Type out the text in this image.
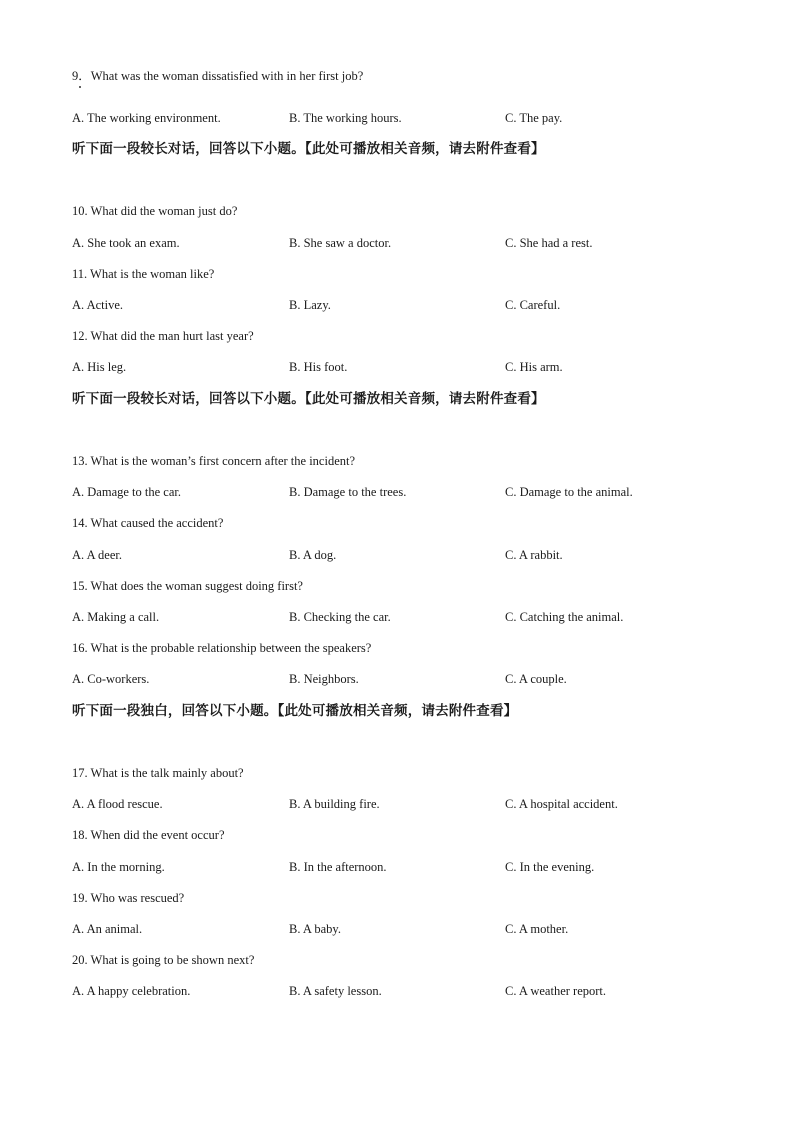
9．What was the woman dissatisfied with in her first job?
A. The working environment.	B. The working hours.	C. The pay.
听下面一段较长对话，回答以下小题。【此处可播放相关音频，请去附件查看】
10. What did the woman just do?
A. She took an exam.	B. She saw a doctor.	C. She had a rest.
11. What is the woman like?
A. Active.	B. Lazy.	C. Careful.
12. What did the man hurt last year?
A. His leg.	B. His foot.	C. His arm.
听下面一段较长对话，回答以下小题。【此处可播放相关音频，请去附件查看】
13. What is the woman’s first concern after the incident?
A. Damage to the car.	B. Damage to the trees.	C. Damage to the animal.
14. What caused the accident?
A. A deer.	B. A dog.	C. A rabbit.
15. What does the woman suggest doing first?
A. Making a call.	B. Checking the car.	C. Catching the animal.
16. What is the probable relationship between the speakers?
A. Co-workers.	B. Neighbors.	C. A couple.
听下面一段独白，回答以下小题。【此处可播放相关音频，请去附件查看】
17. What is the talk mainly about?
A. A flood rescue.	B. A building fire.	C. A hospital accident.
18. When did the event occur?
A. In the morning.	B. In the afternoon.	C. In the evening.
19. Who was rescued?
A. An animal.	B. A baby.	C. A mother.
20. What is going to be shown next?
A. A happy celebration.	B. A safety lesson.	C. A weather report.
